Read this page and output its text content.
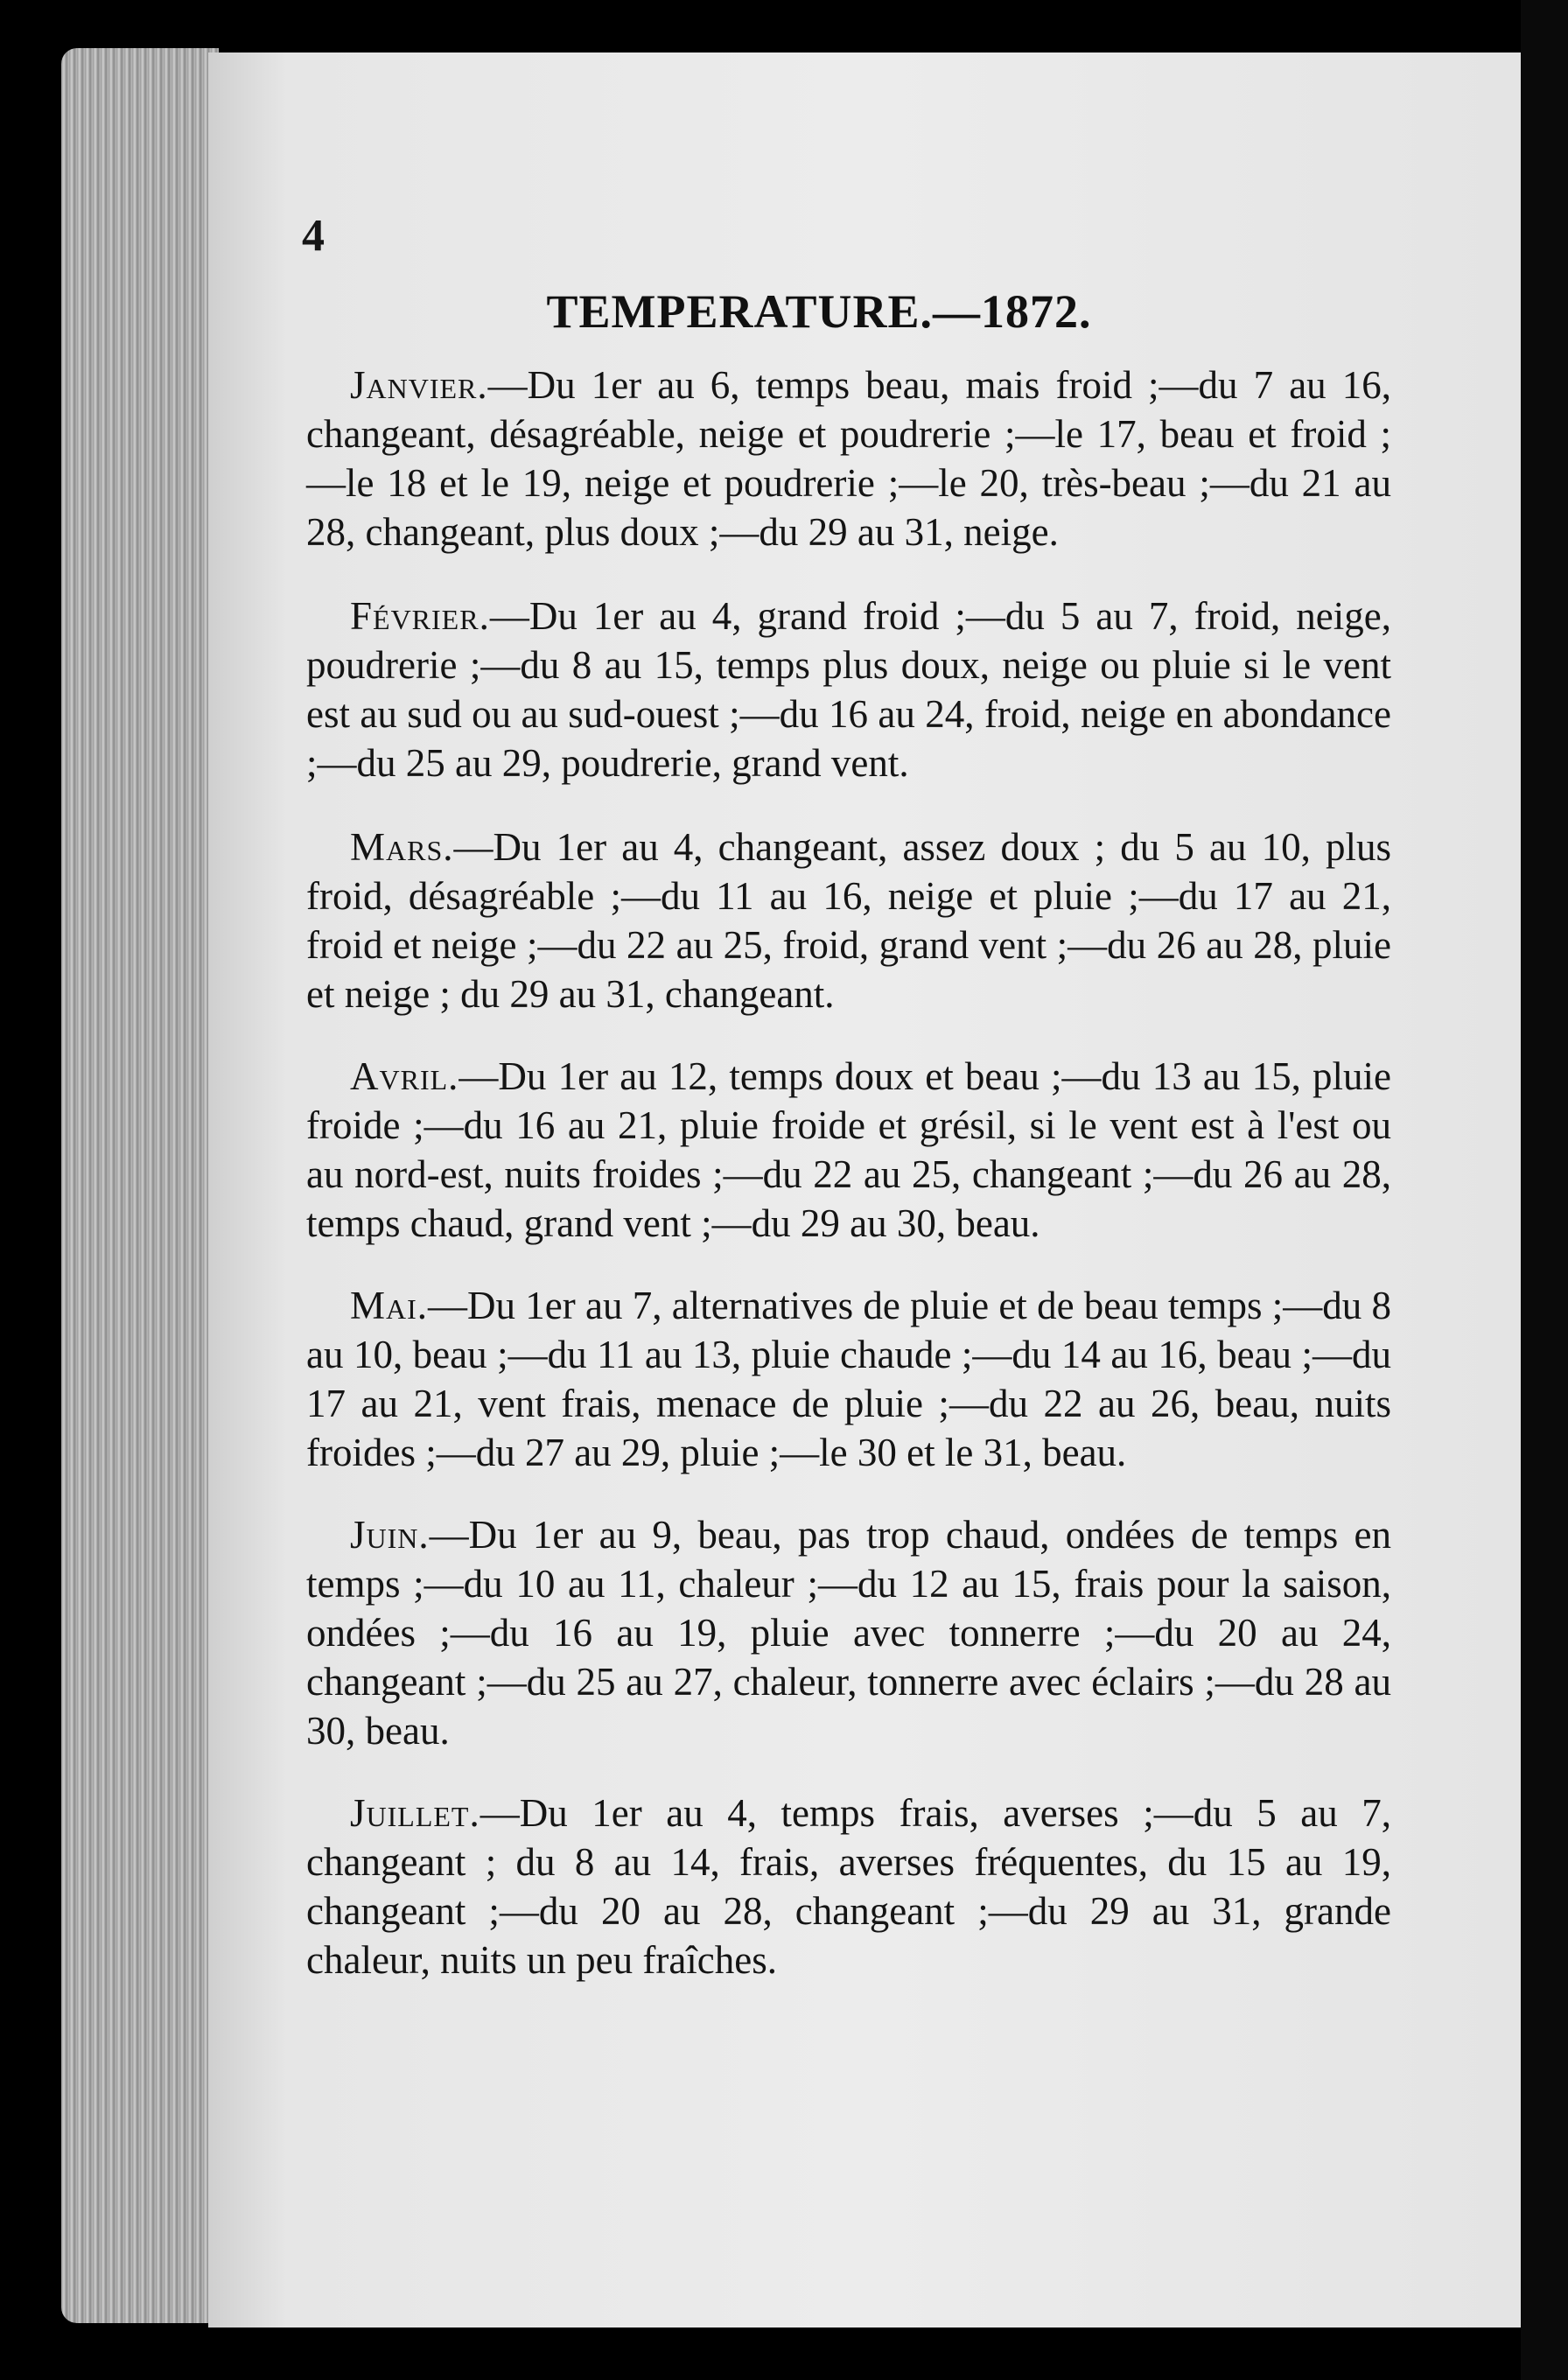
4
TEMPERATURE.—1872.

Janvier.—Du 1er au 6, temps beau, mais froid ;—du 7 au 16, changeant, désagréable, neige et poudrerie ;—le 17, beau et froid ;—le 18 et le 19, neige et poudrerie ;—le 20, très-beau ;—du 21 au 28, changeant, plus doux ;—du 29 au 31, neige.

Février.—Du 1er au 4, grand froid ;—du 5 au 7, froid, neige, poudrerie ;—du 8 au 15, temps plus doux, neige ou pluie si le vent est au sud ou au sud-ouest ;—du 16 au 24, froid, neige en abondance ;—du 25 au 29, poudrerie, grand vent.

Mars.—Du 1er au 4, changeant, assez doux ; du 5 au 10, plus froid, désagréable ;—du 11 au 16, neige et pluie ;—du 17 au 21, froid et neige ;—du 22 au 25, froid, grand vent ;—du 26 au 28, pluie et neige ; du 29 au 31, changeant.

Avril.—Du 1er au 12, temps doux et beau ;—du 13 au 15, pluie froide ;—du 16 au 21, pluie froide et grésil, si le vent est à l'est ou au nord-est, nuits froides ;—du 22 au 25, changeant ;—du 26 au 28, temps chaud, grand vent ;—du 29 au 30, beau.

Mai.—Du 1er au 7, alternatives de pluie et de beau temps ;—du 8 au 10, beau ;—du 11 au 13, pluie chaude ;—du 14 au 16, beau ;—du 17 au 21, vent frais, menace de pluie ;—du 22 au 26, beau, nuits froides ;—du 27 au 29, pluie ;—le 30 et le 31, beau.

Juin.—Du 1er au 9, beau, pas trop chaud, ondées de temps en temps ;—du 10 au 11, chaleur ;—du 12 au 15, frais pour la saison, ondées ;—du 16 au 19, pluie avec tonnerre ;—du 20 au 24, changeant ;—du 25 au 27, chaleur, tonnerre avec éclairs ;—du 28 au 30, beau.

Juillet.—Du 1er au 4, temps frais, averses ;—du 5 au 7, changeant ; du 8 au 14, frais, averses fréquentes, du 15 au 19, changeant ;—du 20 au 28, changeant ;—du 29 au 31, grande chaleur, nuits un peu fraîches.
